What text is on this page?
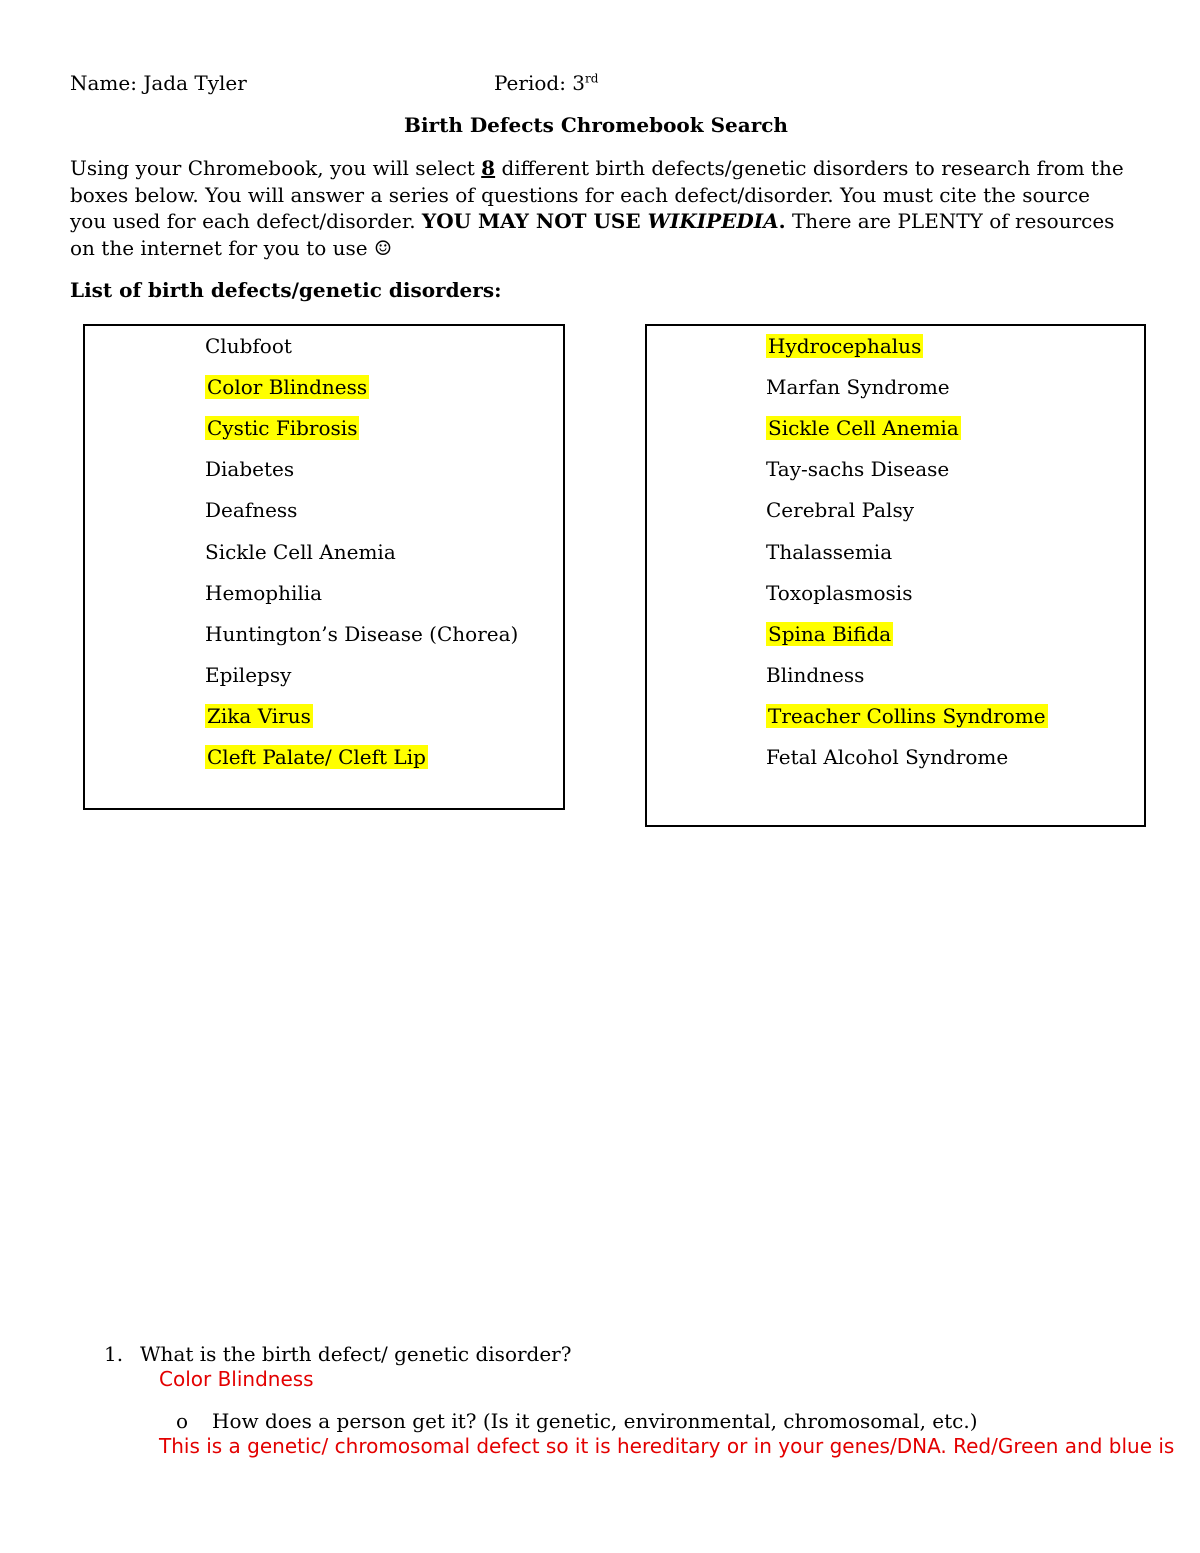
Name: Jada Tyler	Period: 3rd
Birth Defects Chromebook Search
Using your Chromebook, you will select 8 different birth defects/genetic disorders to research from the boxes below. You will answer a series of questions for each defect/disorder. You must cite the source you used for each defect/disorder. YOU MAY NOT USE WIKIPEDIA. There are PLENTY of resources on the internet for you to use ☺
List of birth defects/genetic disorders:
Clubfoot
Color Blindness
Cystic Fibrosis
Diabetes
Deafness
Sickle Cell Anemia
Hemophilia
Huntington’s Disease (Chorea)
Epilepsy
Zika Virus
Cleft Palate/ Cleft Lip
Hydrocephalus
Marfan Syndrome
Sickle Cell Anemia
Tay-sachs Disease
Cerebral Palsy
Thalassemia
Toxoplasmosis
Spina Bifida
Blindness
Treacher Collins Syndrome
Fetal Alcohol Syndrome
1. What is the birth defect/ genetic disorder?
Color Blindness
o How does a person get it? (Is it genetic, environmental, chromosomal, etc.)
This is a genetic/ chromosomal defect so it is hereditary or in your genes/DNA. Red/Green and blue is
